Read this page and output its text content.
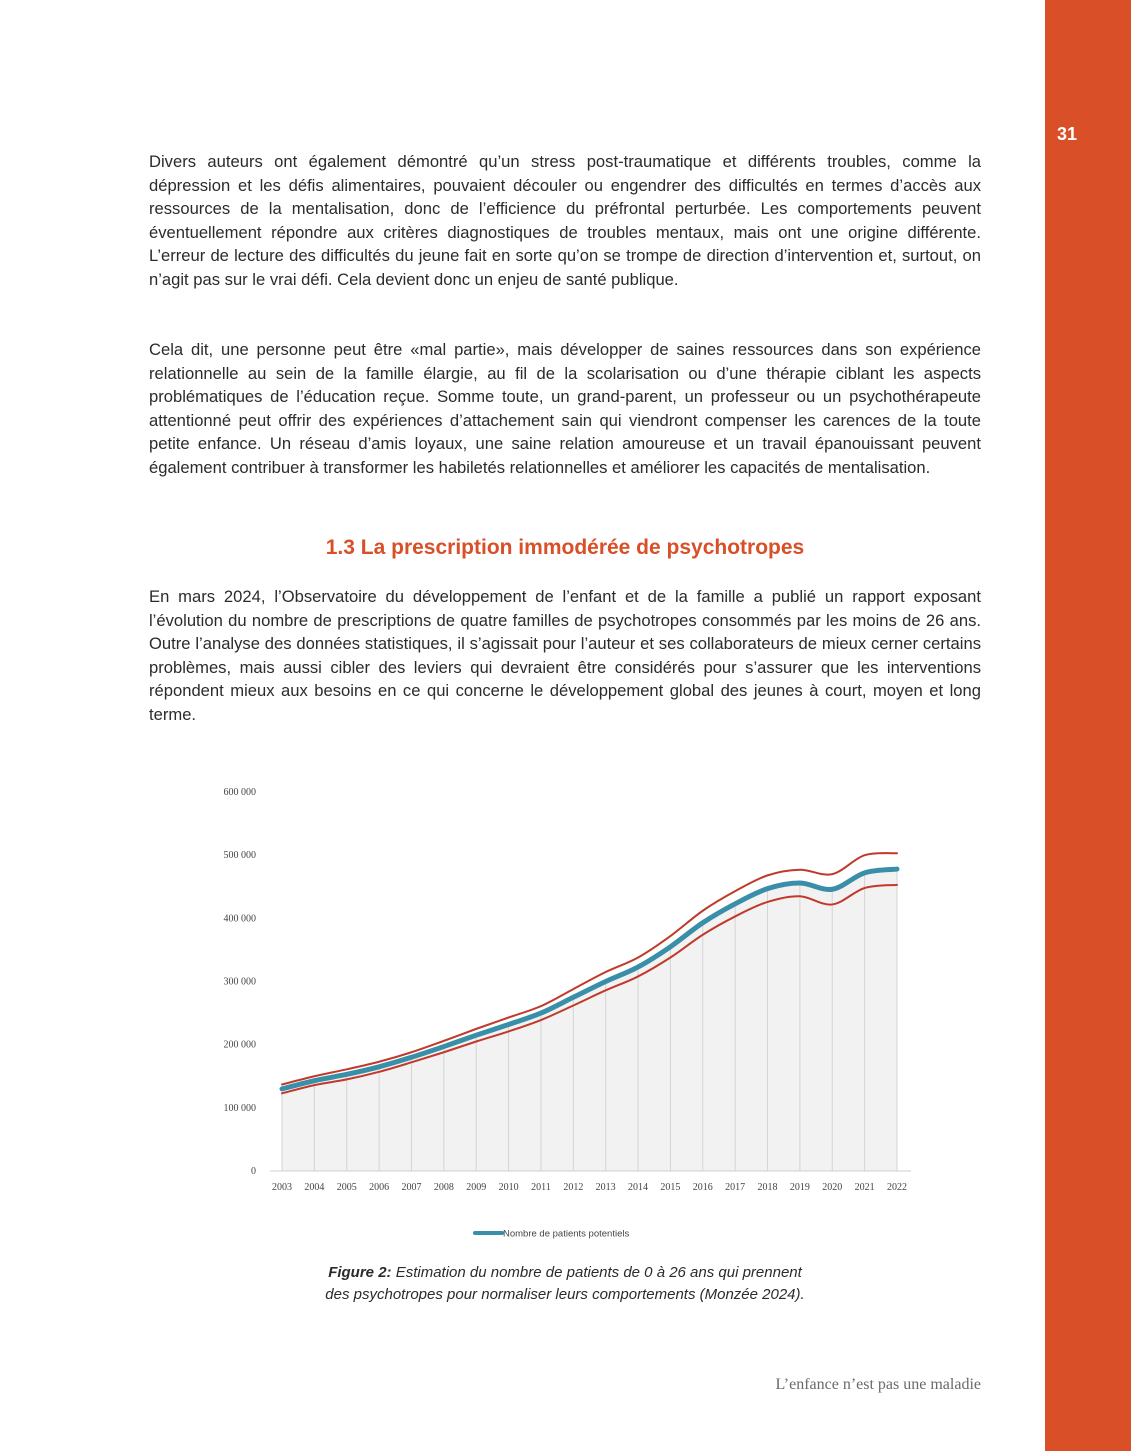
31

Divers auteurs ont également démontré qu’un stress post-traumatique et différents troubles, comme la dépression et les défis alimentaires, pouvaient découler ou engendrer des difficultés en termes d’accès aux ressources de la mentalisation, donc de l’efficience du préfrontal perturbée. Les comportements peuvent éventuellement répondre aux critères diagnostiques de troubles mentaux, mais ont une origine différente. L’erreur de lecture des difficultés du jeune fait en sorte qu’on se trompe de direction d’intervention et, surtout, on n’agit pas sur le vrai défi. Cela devient donc un enjeu de santé publique.

Cela dit, une personne peut être «mal partie», mais développer de saines ressources dans son expérience relationnelle au sein de la famille élargie, au fil de la scolarisation ou d’une thérapie ciblant les aspects problématiques de l’éducation reçue. Somme toute, un grand-parent, un professeur ou un psychothérapeute attentionné peut offrir des expériences d’attachement sain qui viendront compenser les carences de la toute petite enfance. Un réseau d’amis loyaux, une saine relation amoureuse et un travail épanouissant peuvent également contribuer à transformer les habiletés relationnelles et améliorer les capacités de mentalisation.

1.3 La prescription immodérée de psychotropes

En mars 2024, l’Observatoire du développement de l’enfant et de la famille a publié un rapport exposant l’évolution du nombre de prescriptions de quatre familles de psychotropes consommés par les moins de 26 ans. Outre l’analyse des données statistiques, il s’agissait pour l’auteur et ses collaborateurs de mieux cerner certains problèmes, mais aussi cibler des leviers qui devraient être considérés pour s’assurer que les interventions répondent mieux aux besoins en ce qui concerne le développement global des jeunes à court, moyen et long terme.

0
100 000
200 000
300 000
400 000
500 000
600 000
2003 2004 2005 2006 2007 2008 2009 2010 2011 2012 2013 2014 2015 2016 2017 2018 2019 2020 2021 2022
Nombre de patients potentiels

Figure 2: Estimation du nombre de patients de 0 à 26 ans qui prennent
des psychotropes pour normaliser leurs comportements (Monzée 2024).

L’enfance n’est pas une maladie
